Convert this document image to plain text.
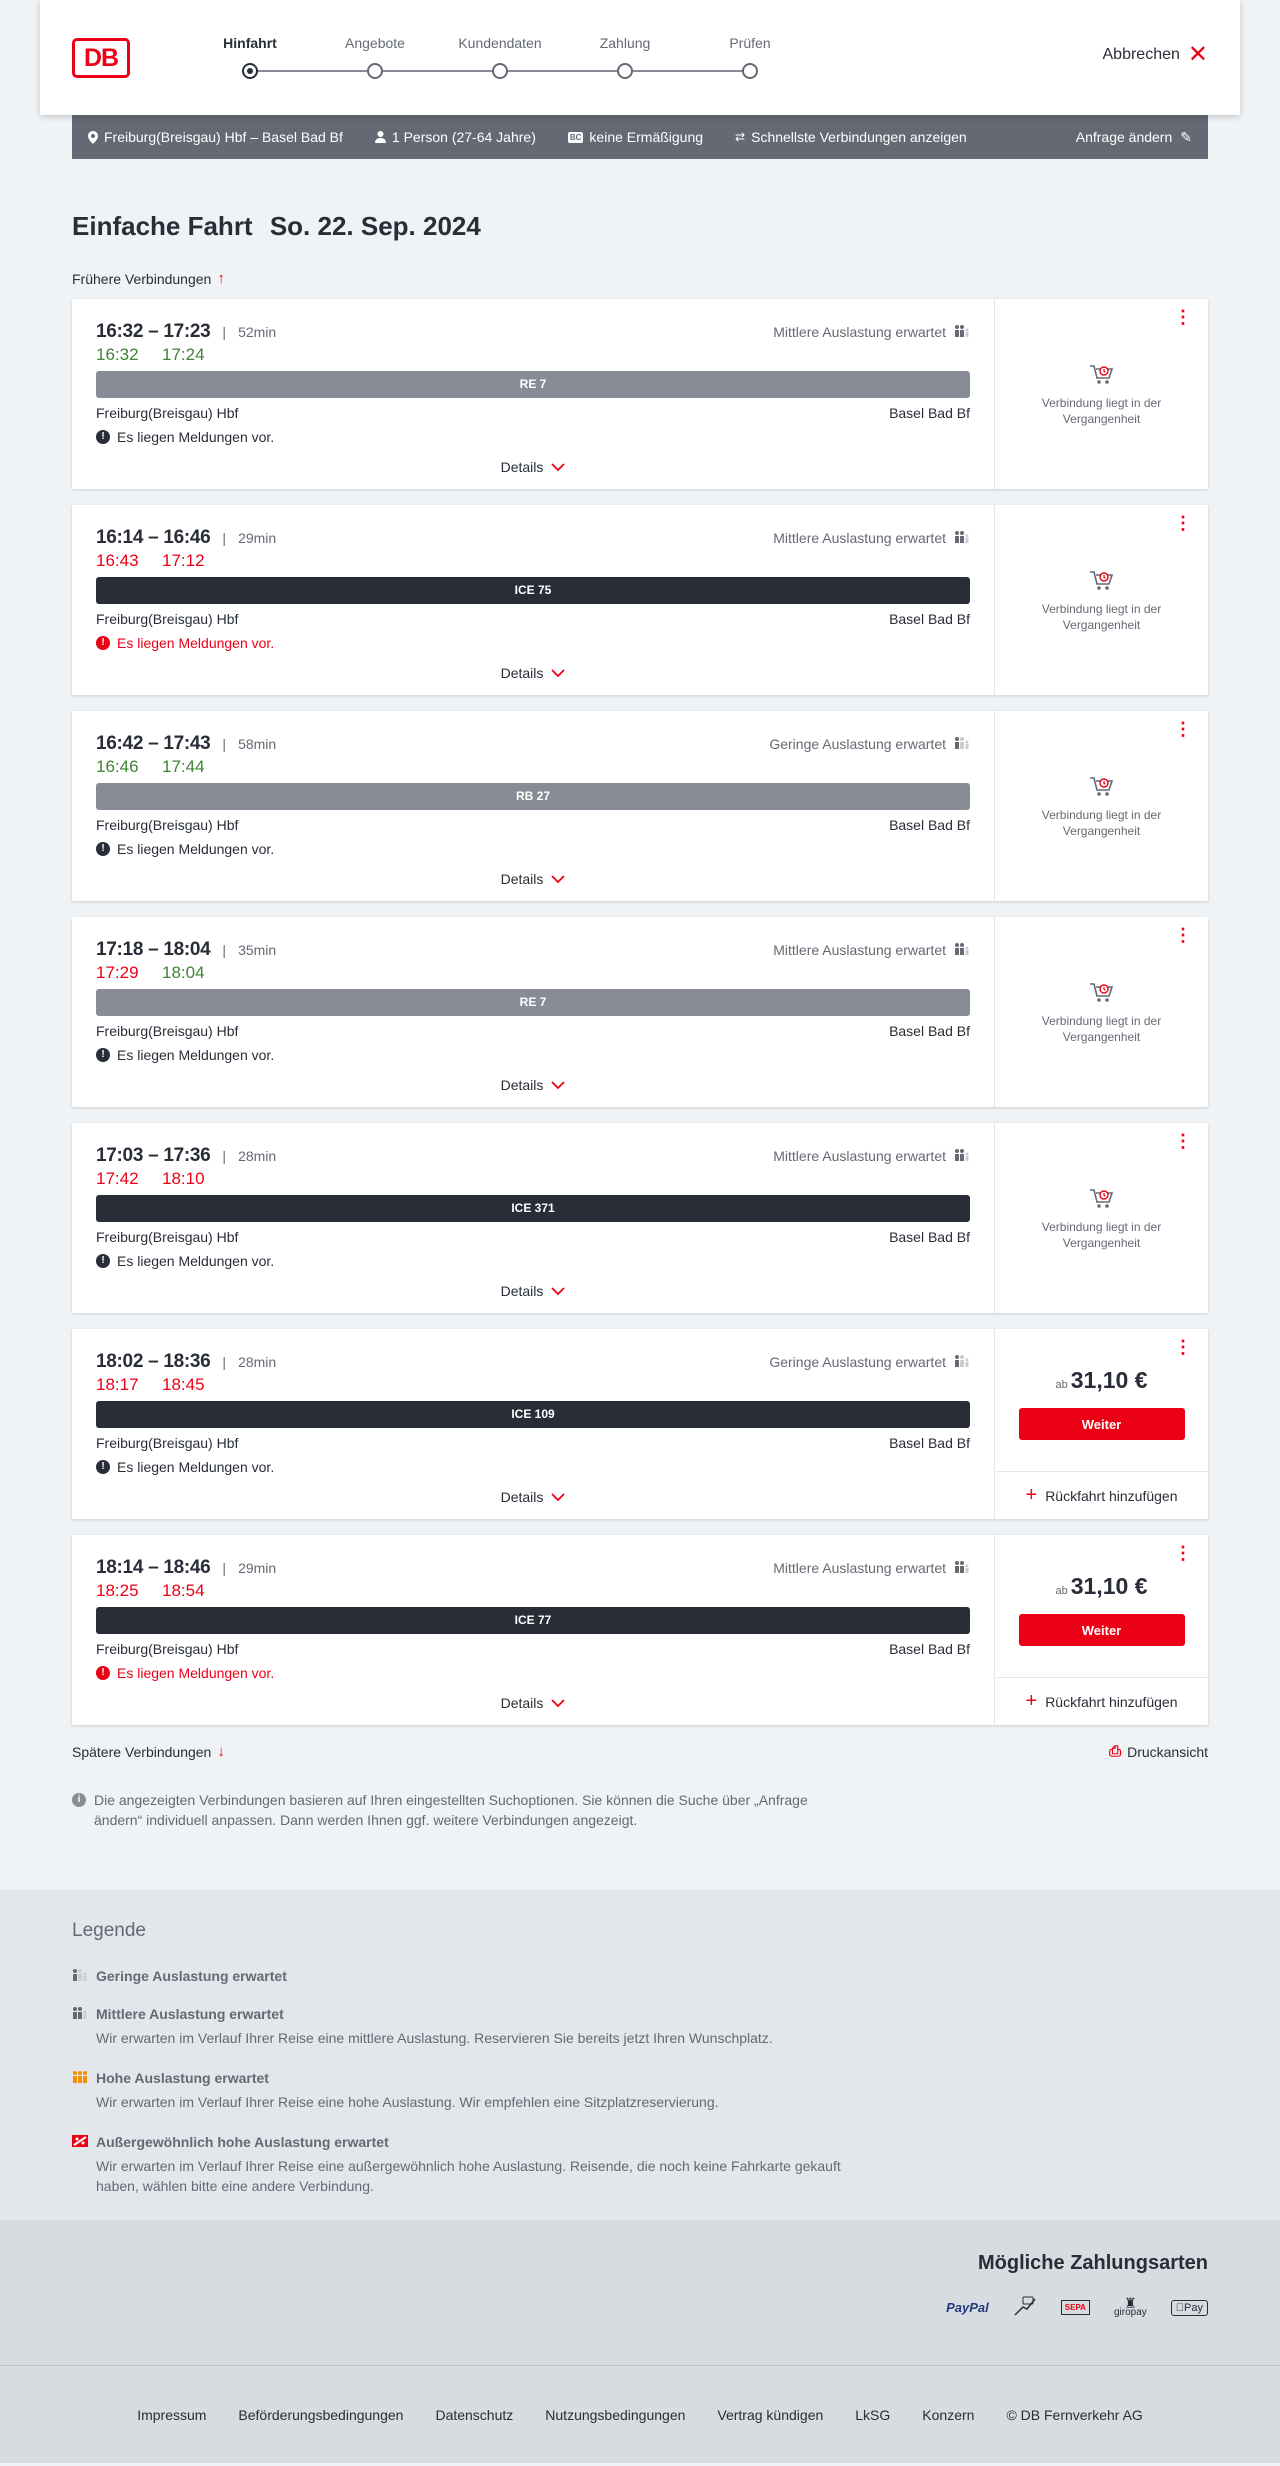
DB
Hinfahrt	Angebote	Kundendaten	Zahlung	Prüfen
Abbrechen ✕
Freiburg(Breisgau) Hbf – Basel Bad Bf	1 Person (27-64 Jahre)	BC keine Ermäßigung	⇄ Schnellste Verbindungen anzeigen	Anfrage ändern ✎
Einfache Fahrt So. 22. Sep. 2024
Frühere Verbindungen ↑
16:32 – 17:23 | 52min	Mittlere Auslastung erwartet
16:32 17:24
RE 7
Freiburg(Breisgau) Hbf	Basel Bad Bf
! Es liegen Meldungen vor.
Details
⋮
Verbindung liegt in der Vergangenheit
16:14 – 16:46 | 29min	Mittlere Auslastung erwartet
16:43 17:12
ICE 75
Freiburg(Breisgau) Hbf	Basel Bad Bf
! Es liegen Meldungen vor.
Details
⋮
Verbindung liegt in der Vergangenheit
16:42 – 17:43 | 58min	Geringe Auslastung erwartet
16:46 17:44
RB 27
Freiburg(Breisgau) Hbf	Basel Bad Bf
! Es liegen Meldungen vor.
Details
⋮
Verbindung liegt in der Vergangenheit
17:18 – 18:04 | 35min	Mittlere Auslastung erwartet
17:29 18:04
RE 7
Freiburg(Breisgau) Hbf	Basel Bad Bf
! Es liegen Meldungen vor.
Details
⋮
Verbindung liegt in der Vergangenheit
17:03 – 17:36 | 28min	Mittlere Auslastung erwartet
17:42 18:10
ICE 371
Freiburg(Breisgau) Hbf	Basel Bad Bf
! Es liegen Meldungen vor.
Details
⋮
Verbindung liegt in der Vergangenheit
18:02 – 18:36 | 28min	Geringe Auslastung erwartet
18:17 18:45
ICE 109
Freiburg(Breisgau) Hbf	Basel Bad Bf
! Es liegen Meldungen vor.
Details
⋮
ab 31,10 €
Weiter
+ Rückfahrt hinzufügen
18:14 – 18:46 | 29min	Mittlere Auslastung erwartet
18:25 18:54
ICE 77
Freiburg(Breisgau) Hbf	Basel Bad Bf
! Es liegen Meldungen vor.
Details
⋮
ab 31,10 €
Weiter
+ Rückfahrt hinzufügen
Spätere Verbindungen ↓	⎙ Druckansicht
i Die angezeigten Verbindungen basieren auf Ihren eingestellten Suchoptionen. Sie können die Suche über „Anfrage ändern“ individuell anpassen. Dann werden Ihnen ggf. weitere Verbindungen angezeigt.
Legende
Geringe Auslastung erwartet
Mittlere Auslastung erwartet
Wir erwarten im Verlauf Ihrer Reise eine mittlere Auslastung. Reservieren Sie bereits jetzt Ihren Wunschplatz.
Hohe Auslastung erwartet
Wir erwarten im Verlauf Ihrer Reise eine hohe Auslastung. Wir empfehlen eine Sitzplatzreservierung.
Außergewöhnlich hohe Auslastung erwartet
Wir erwarten im Verlauf Ihrer Reise eine außergewöhnlich hohe Auslastung. Reisende, die noch keine Fahrkarte gekauft haben, wählen bitte eine andere Verbindung.
Mögliche Zahlungsarten
PayPal	SEPA	♜
giropay	Pay
Impressum Beförderungsbedingungen Datenschutz Nutzungsbedingungen Vertrag kündigen LkSG Konzern © DB Fernverkehr AG
